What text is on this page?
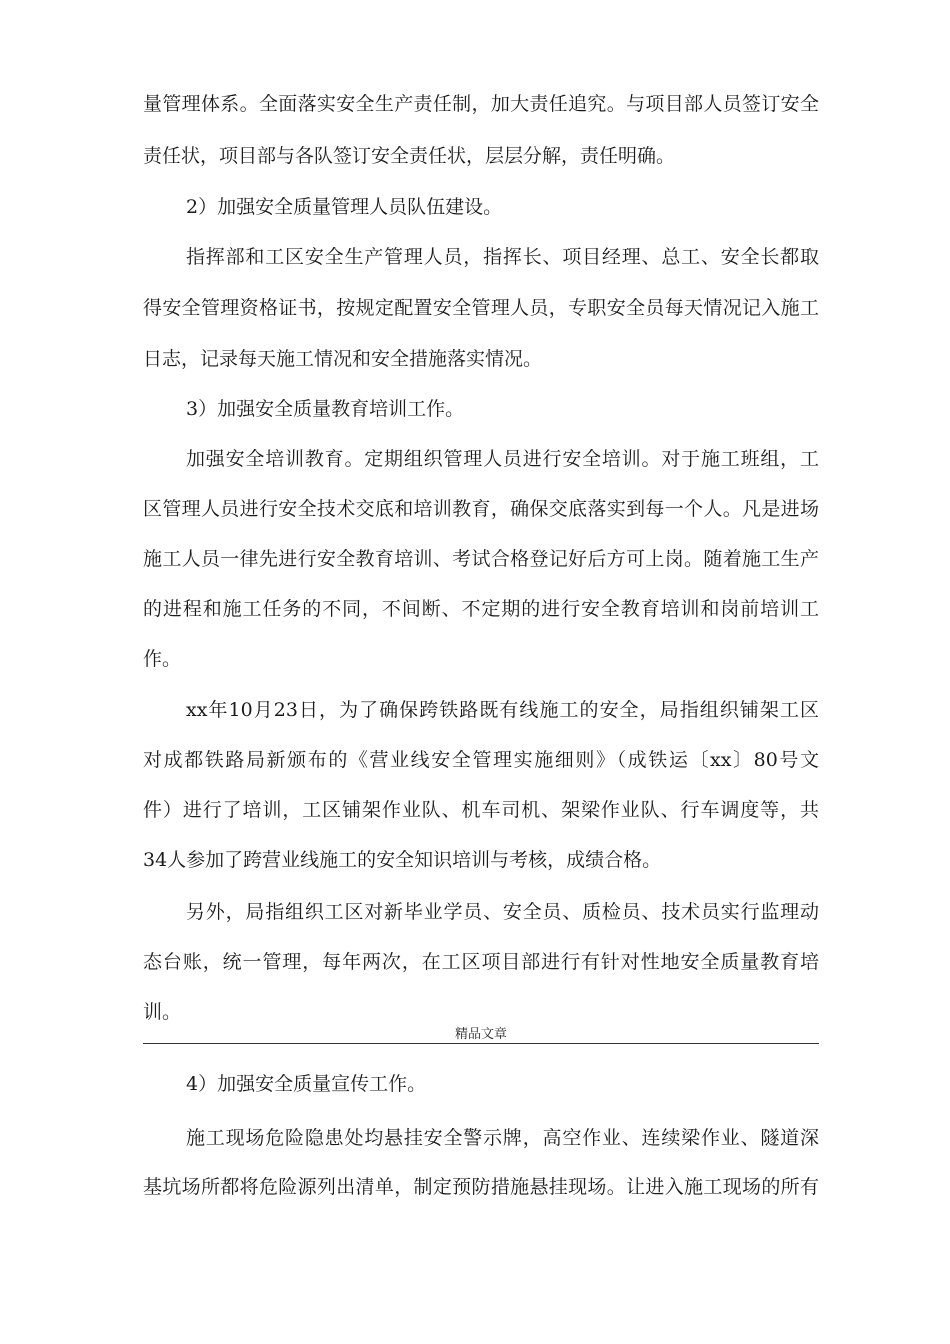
量管理体系。全面落实安全生产责任制，加大责任追究。与项目部人员签订安全
责任状，项目部与各队签订安全责任状，层层分解，责任明确。
2）加强安全质量管理人员队伍建设。
指挥部和工区安全生产管理人员，指挥长、项目经理、总工、安全长都取
得安全管理资格证书，按规定配置安全管理人员，专职安全员每天情况记入施工
日志，记录每天施工情况和安全措施落实情况。
3）加强安全质量教育培训工作。
加强安全培训教育。定期组织管理人员进行安全培训。对于施工班组，工
区管理人员进行安全技术交底和培训教育，确保交底落实到每一个人。凡是进场
施工人员一律先进行安全教育培训、考试合格登记好后方可上岗。随着施工生产
的进程和施工任务的不同，不间断、不定期的进行安全教育培训和岗前培训工
作。
xx年10月23日，为了确保跨铁路既有线施工的安全，局指组织铺架工区
对成都铁路局新颁布的《营业线安全管理实施细则》（成铁运〔xx〕80号文
件）进行了培训，工区铺架作业队、机车司机、架梁作业队、行车调度等，共
34人参加了跨营业线施工的安全知识培训与考核，成绩合格。
另外，局指组织工区对新毕业学员、安全员、质检员、技术员实行监理动
态台账，统一管理，每年两次，在工区项目部进行有针对性地安全质量教育培
训。
精品文章
4）加强安全质量宣传工作。
施工现场危险隐患处均悬挂安全警示牌，高空作业、连续梁作业、隧道深
基坑场所都将危险源列出清单，制定预防措施悬挂现场。让进入施工现场的所有
